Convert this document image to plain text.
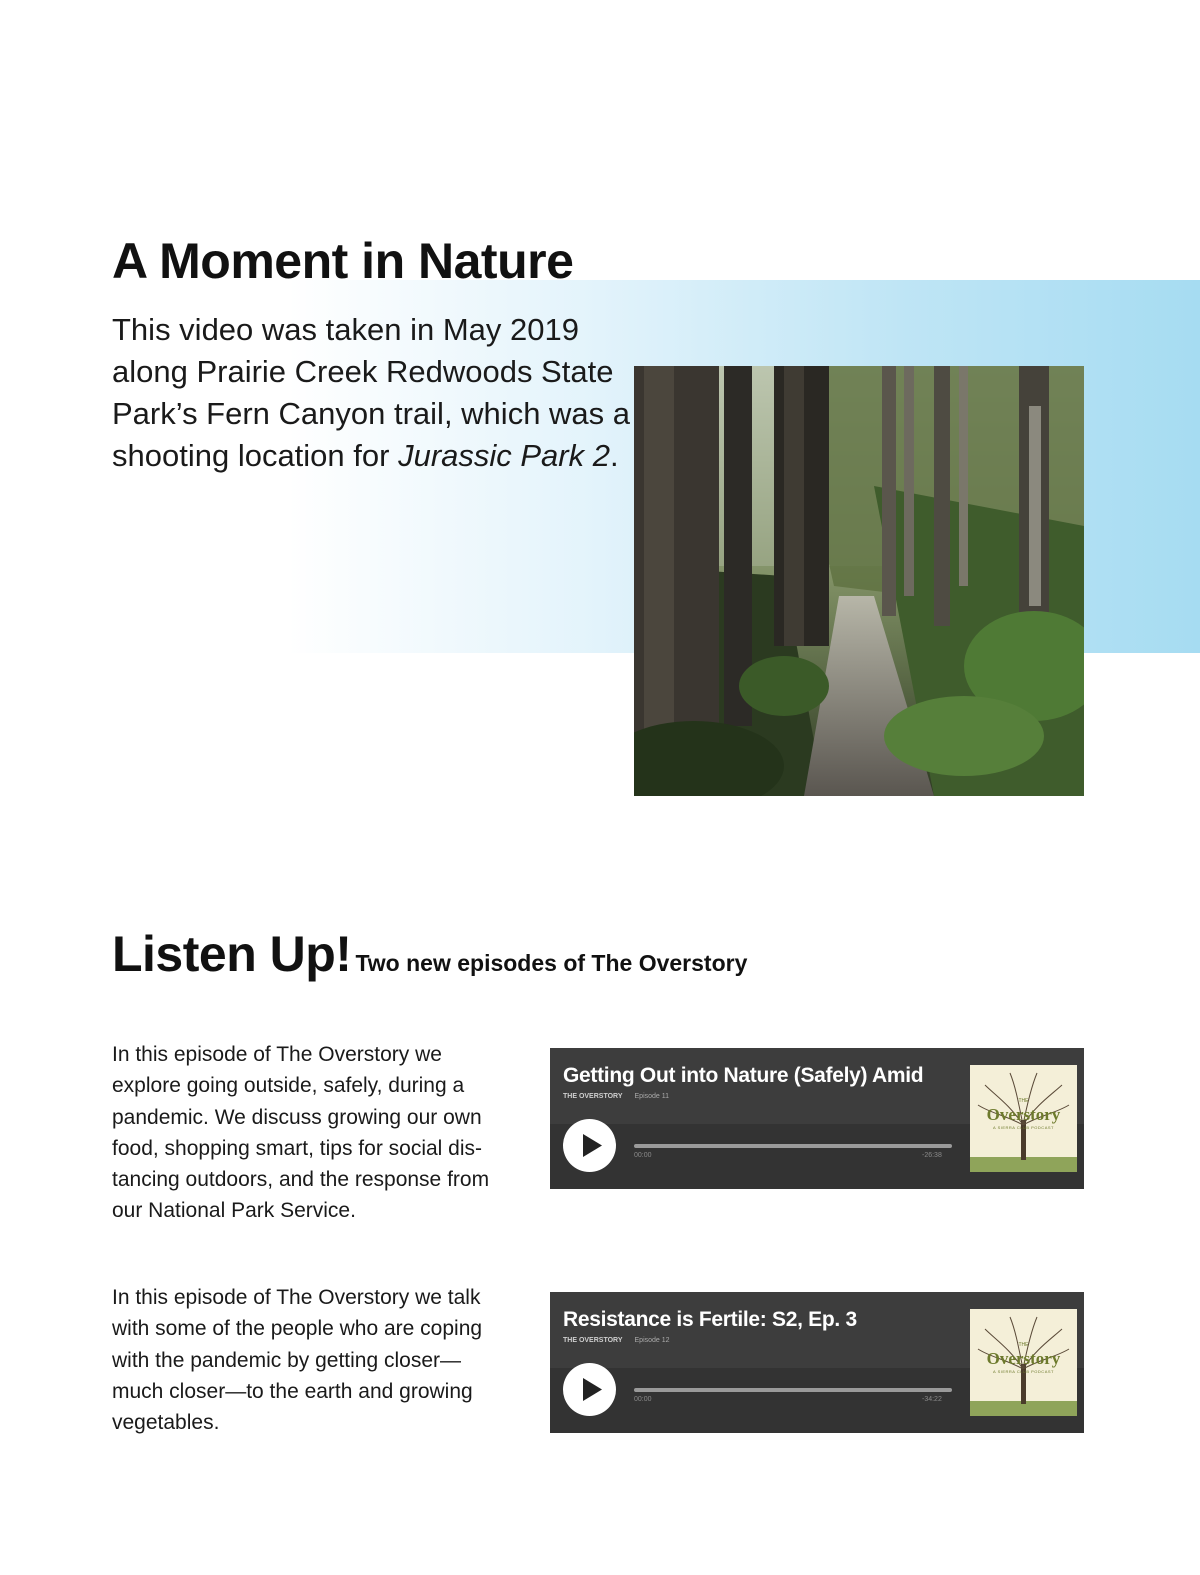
A Moment in Nature

This video was taken in May 2019 along Prairie Creek Redwoods State Park’s Fern Canyon trail, which was a shooting location for Jurassic Park 2.

Listen Up! Two new episodes of The Overstory

In this episode of The Overstory we explore going outside, safely, during a pandemic. We discuss growing our own food, shopping smart, tips for social dis-tancing outdoors, and the response from our National Park Service.

Getting Out into Nature (Safely) Amid
THE OVERSTORY Episode 11
00:00	-26:38
THE
Overstory
A SIERRA CLUB PODCAST

In this episode of The Overstory we talk with some of the people who are coping with the pandemic by getting closer—much closer—to the earth and growing vegetables.

Resistance is Fertile: S2, Ep. 3
THE OVERSTORY Episode 12
00:00	-34:22
THE
Overstory
A SIERRA CLUB PODCAST
